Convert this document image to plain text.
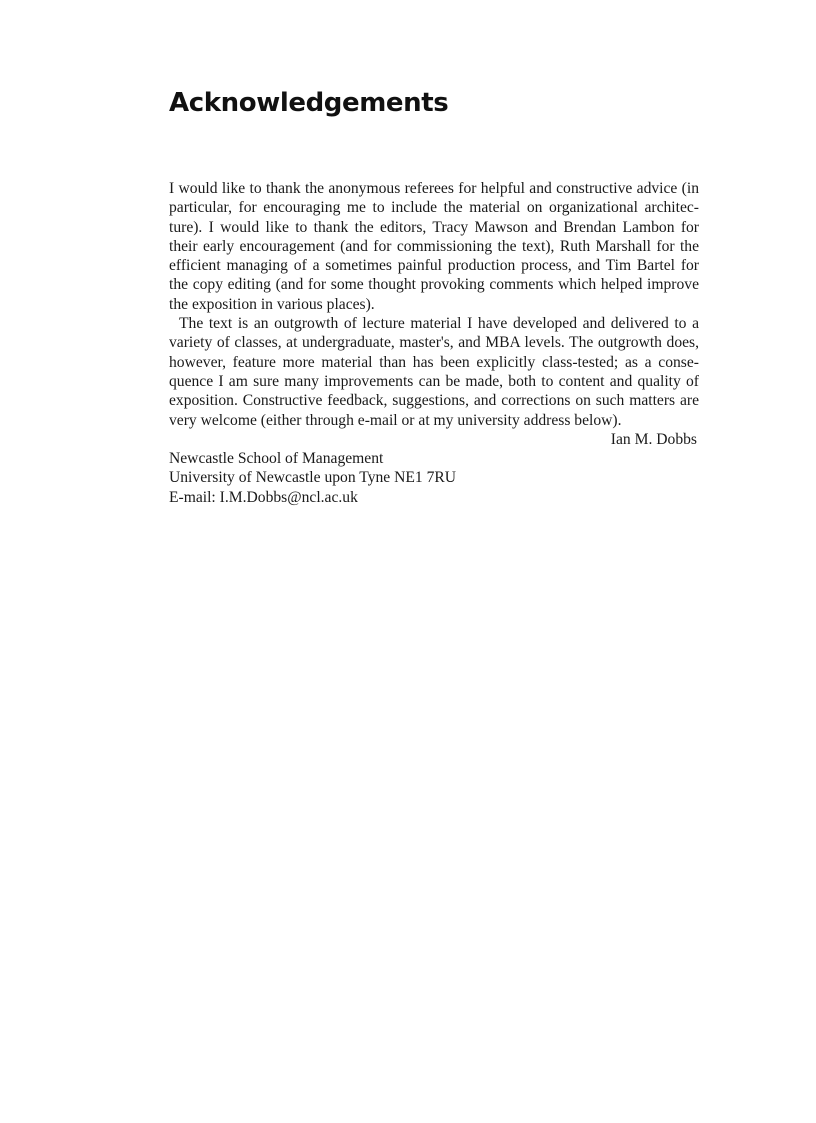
Acknowledgements

I would like to thank the anonymous referees for helpful and constructive advice (in particular, for encouraging me to include the material on organizational architecture). I would like to thank the editors, Tracy Mawson and Brendan Lambon for their early encouragement (and for commissioning the text), Ruth Marshall for the efficient managing of a sometimes painful production process, and Tim Bartel for the copy editing (and for some thought provoking comments which helped improve the exposition in various places).

The text is an outgrowth of lecture material I have developed and delivered to a variety of classes, at undergraduate, master's, and MBA levels. The outgrowth does, however, feature more material than has been explicitly class-tested; as a consequence I am sure many improvements can be made, both to content and quality of exposition. Constructive feedback, suggestions, and corrections on such matters are very welcome (either through e-mail or at my university address below).

Ian M. Dobbs

Newcastle School of Management
University of Newcastle upon Tyne NE1 7RU
E-mail: I.M.Dobbs@ncl.ac.uk
